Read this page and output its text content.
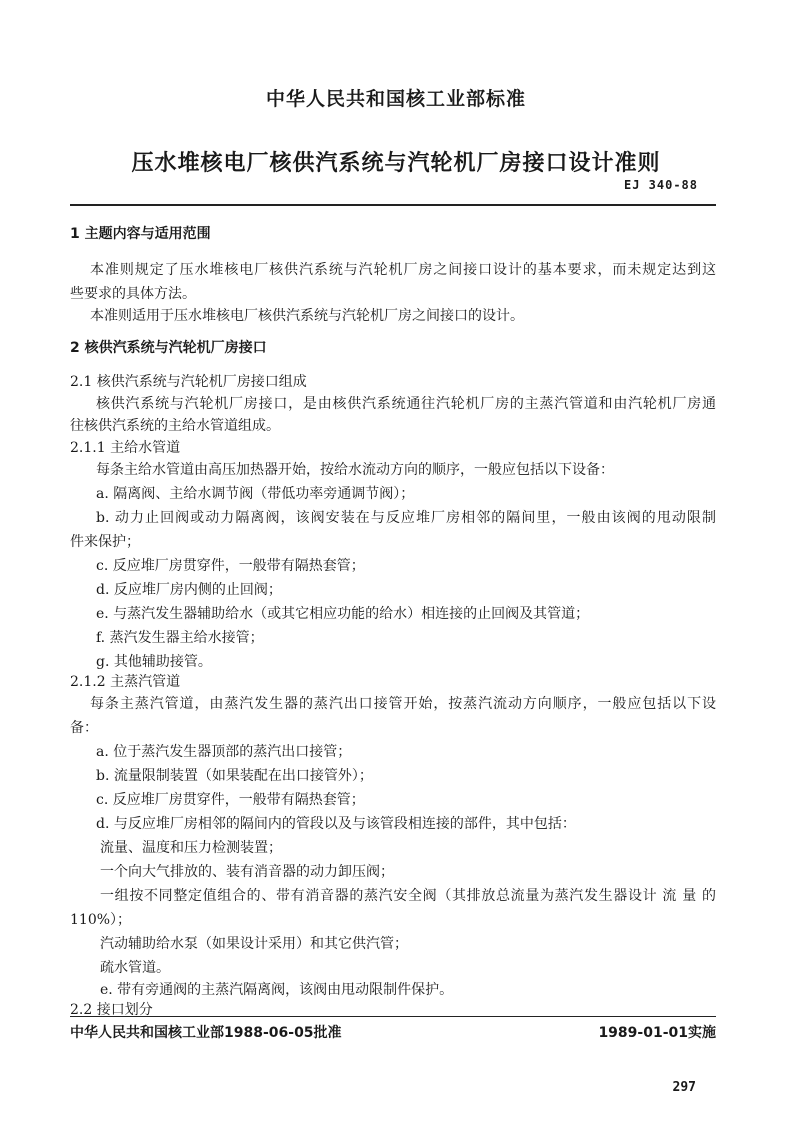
中华人民共和国核工业部标准
压水堆核电厂核供汽系统与汽轮机厂房接口设计准则
EJ 340-88
1 主题内容与适用范围
本准则规定了压水堆核电厂核供汽系统与汽轮机厂房之间接口设计的基本要求，而未规定达到这
些要求的具体方法。
本准则适用于压水堆核电厂核供汽系统与汽轮机厂房之间接口的设计。
2 核供汽系统与汽轮机厂房接口
2.1 核供汽系统与汽轮机厂房接口组成
核供汽系统与汽轮机厂房接口，是由核供汽系统通往汽轮机厂房的主蒸汽管道和由汽轮机厂房通
往核供汽系统的主给水管道组成。
2.1.1 主给水管道
每条主给水管道由高压加热器开始，按给水流动方向的顺序，一般应包括以下设备：
a. 隔离阀、主给水调节阀（带低功率旁通调节阀）；
b. 动力止回阀或动力隔离阀，该阀安装在与反应堆厂房相邻的隔间里，一般由该阀的甩动限制
件来保护；
c. 反应堆厂房贯穿件，一般带有隔热套管；
d. 反应堆厂房内侧的止回阀；
e. 与蒸汽发生器辅助给水（或其它相应功能的给水）相连接的止回阀及其管道；
f. 蒸汽发生器主给水接管；
g. 其他辅助接管。
2.1.2 主蒸汽管道
每条主蒸汽管道，由蒸汽发生器的蒸汽出口接管开始，按蒸汽流动方向顺序，一般应包括以下设
备：
a. 位于蒸汽发生器顶部的蒸汽出口接管；
b. 流量限制装置（如果装配在出口接管外）；
c. 反应堆厂房贯穿件，一般带有隔热套管；
d. 与反应堆厂房相邻的隔间内的管段以及与该管段相连接的部件，其中包括：
流量、温度和压力检测装置；
一个向大气排放的、装有消音器的动力卸压阀；
一组按不同整定值组合的、带有消音器的蒸汽安全阀（其排放总流量为蒸汽发生器设计 流 量 的
110%）；
汽动辅助给水泵（如果设计采用）和其它供汽管；
疏水管道。
e. 带有旁通阀的主蒸汽隔离阀，该阀由甩动限制件保护。
2.2 接口划分
中华人民共和国核工业部1988-06-05批准	1989-01-01实施
297
